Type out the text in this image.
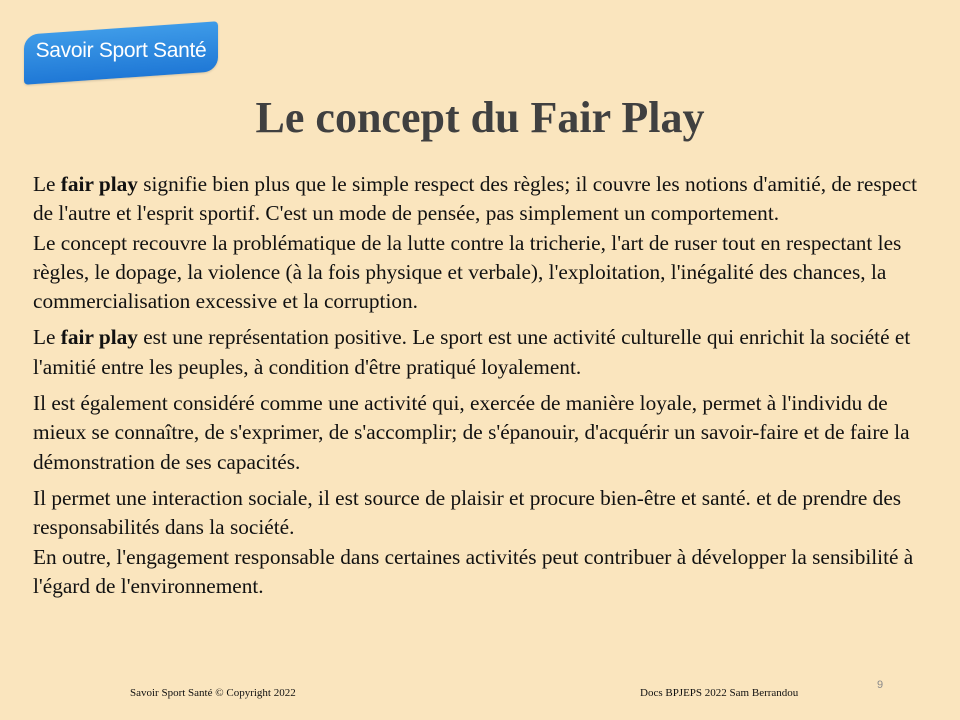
Savoir Sport Santé
Le concept du Fair Play

Le fair play signifie bien plus que le simple respect des règles; il couvre les notions d'amitié, de respect de l'autre et l'esprit sportif. C'est un mode de pensée, pas simplement un comportement.
Le concept recouvre la problématique de la lutte contre la tricherie, l'art de ruser tout en respectant les règles, le dopage, la violence (à la fois physique et verbale), l'exploitation, l'inégalité des chances, la commercialisation excessive et la corruption.

Le fair play est une représentation positive. Le sport est une activité culturelle qui enrichit la société et l'amitié entre les peuples, à condition d'être pratiqué loyalement.

Il est également considéré comme une activité qui, exercée de manière loyale, permet à l'individu de mieux se connaître, de s'exprimer, de s'accomplir; de s'épanouir, d'acquérir un savoir-faire et de faire la démonstration de ses capacités.

Il permet une interaction sociale, il est source de plaisir et procure bien-être et santé. et de prendre des responsabilités dans la société.
En outre, l'engagement responsable dans certaines activités peut contribuer à développer la sensibilité à l'égard de l'environnement.

Savoir Sport Santé © Copyright 2022	Docs BPJEPS 2022 Sam Berrandou
9
